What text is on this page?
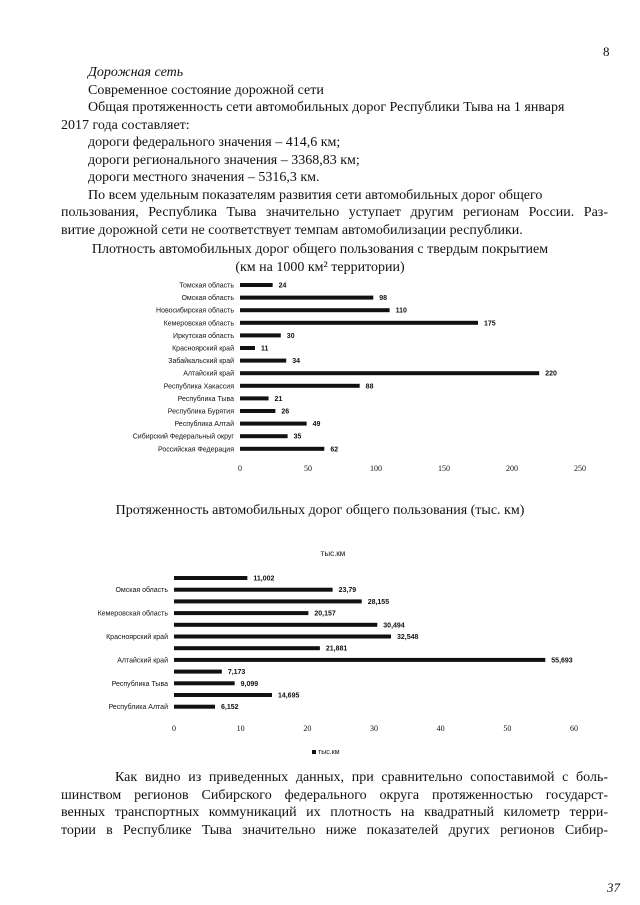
8
Дорожная сеть
Современное состояние дорожной сети
Общая протяженность сети автомобильных дорог Республики Тыва на 1 января
2017 года составляет:
дороги федерального значения – 414,6 км;
дороги регионального значения – 3368,83 км;
дороги местного значения – 5316,3 км.
По всем удельным показателям развития сети автомобильных дорог общего
пользования, Республика Тыва значительно уступает другим регионам России. Раз-
витие дорожной сети не соответствует темпам автомобилизации республики.
Плотность автомобильных дорог общего пользования с твердым покрытием
(км на 1000 км² территории)
Томская область	24
Омская область	98
Новосибирская область	110
Кемеровская область	175
Иркутская область	30
Красноярский край	11
Забайкальский край	34
Алтайский край	220
Республика Хакассия	88
Республика Тыва	21
Республика Бурятия	26
Республика Алтай	49
Сибирский Федеральный округ	35
Российская Федерация	62
0	50	100	150	200	250
Протяженность автомобильных дорог общего пользования (тыс. км)
тыс.км
11,002
Омская область	23,79
28,155
Кемеровская область	20,157
30,494
Красноярский край	32,548
21,881
Алтайский край	55,693
7,173
Республика Тыва	9,099
14,695
Республика Алтай	6,152
0	10	20	30	40	50	60
тыс.км
Как видно из приведенных данных, при сравнительно сопоставимой с боль-
шинством регионов Сибирского федерального округа протяженностью государст-
венных транспортных коммуникаций их плотность на квадратный километр терри-
тории в Республике Тыва значительно ниже показателей других регионов Сибир-
37
